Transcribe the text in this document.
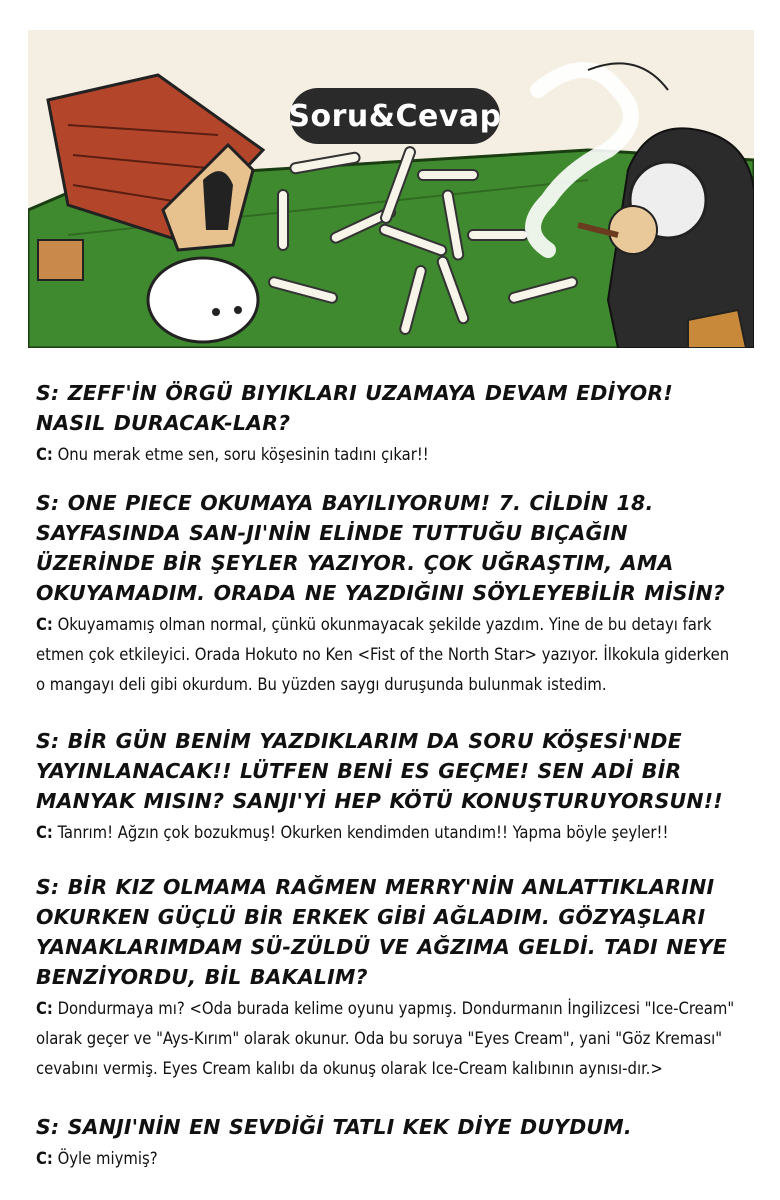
Soru&Cevap
S: ZEFF'İN ÖRGÜ BIYIKLARI UZAMAYA DEVAM EDİYOR! NASIL DURACAK-LAR?
C: Onu merak etme sen, soru köşesinin tadını çıkar!!
S: ONE PIECE OKUMAYA BAYILIYORUM! 7. CİLDİN 18. SAYFASINDA SAN-JI'NİN ELİNDE TUTTUĞU BIÇAĞIN ÜZERİNDE BİR ŞEYLER YAZIYOR. ÇOK UĞRAŞTIM, AMA OKUYAMADIM. ORADA NE YAZDIĞINI SÖYLEYEBİLİR MİSİN?
C: Okuyamamış olman normal, çünkü okunmayacak şekilde yazdım. Yine de bu detayı fark etmen çok etkileyici. Orada Hokuto no Ken <Fist of the North Star> yazıyor. İlkokula giderken o mangayı deli gibi okurdum. Bu yüzden saygı duruşunda bulunmak istedim.
S: BİR GÜN BENİM YAZDIKLARIM DA SORU KÖŞESİ'NDE YAYINLANACAK!! LÜTFEN BENİ ES GEÇME! SEN ADİ BİR MANYAK MISIN? SANJI'Yİ HEP KÖTÜ KONUŞTURUYORSUN!!
C: Tanrım! Ağzın çok bozukmuş! Okurken kendimden utandım!! Yapma böyle şeyler!!
S: BİR KIZ OLMAMA RAĞMEN MERRY'NİN ANLATTIKLARINI OKURKEN GÜÇLÜ BİR ERKEK GİBİ AĞLADIM. GÖZYAŞLARI YANAKLARIMDAM SÜ-ZÜLDÜ VE AĞZIMA GELDİ. TADI NEYE BENZİYORDU, BİL BAKALIM?
C: Dondurmaya mı? <Oda burada kelime oyunu yapmış. Dondurmanın İngilizcesi "Ice-Cream" olarak geçer ve "Ays-Kırım" olarak okunur. Oda bu soruya "Eyes Cream", yani "Göz Kreması" cevabını vermiş. Eyes Cream kalıbı da okunuş olarak Ice-Cream kalıbının aynısı-dır.>
S: SANJI'NİN EN SEVDİĞİ TATLI KEK DİYE DUYDUM.
C: Öyle miymiş?
